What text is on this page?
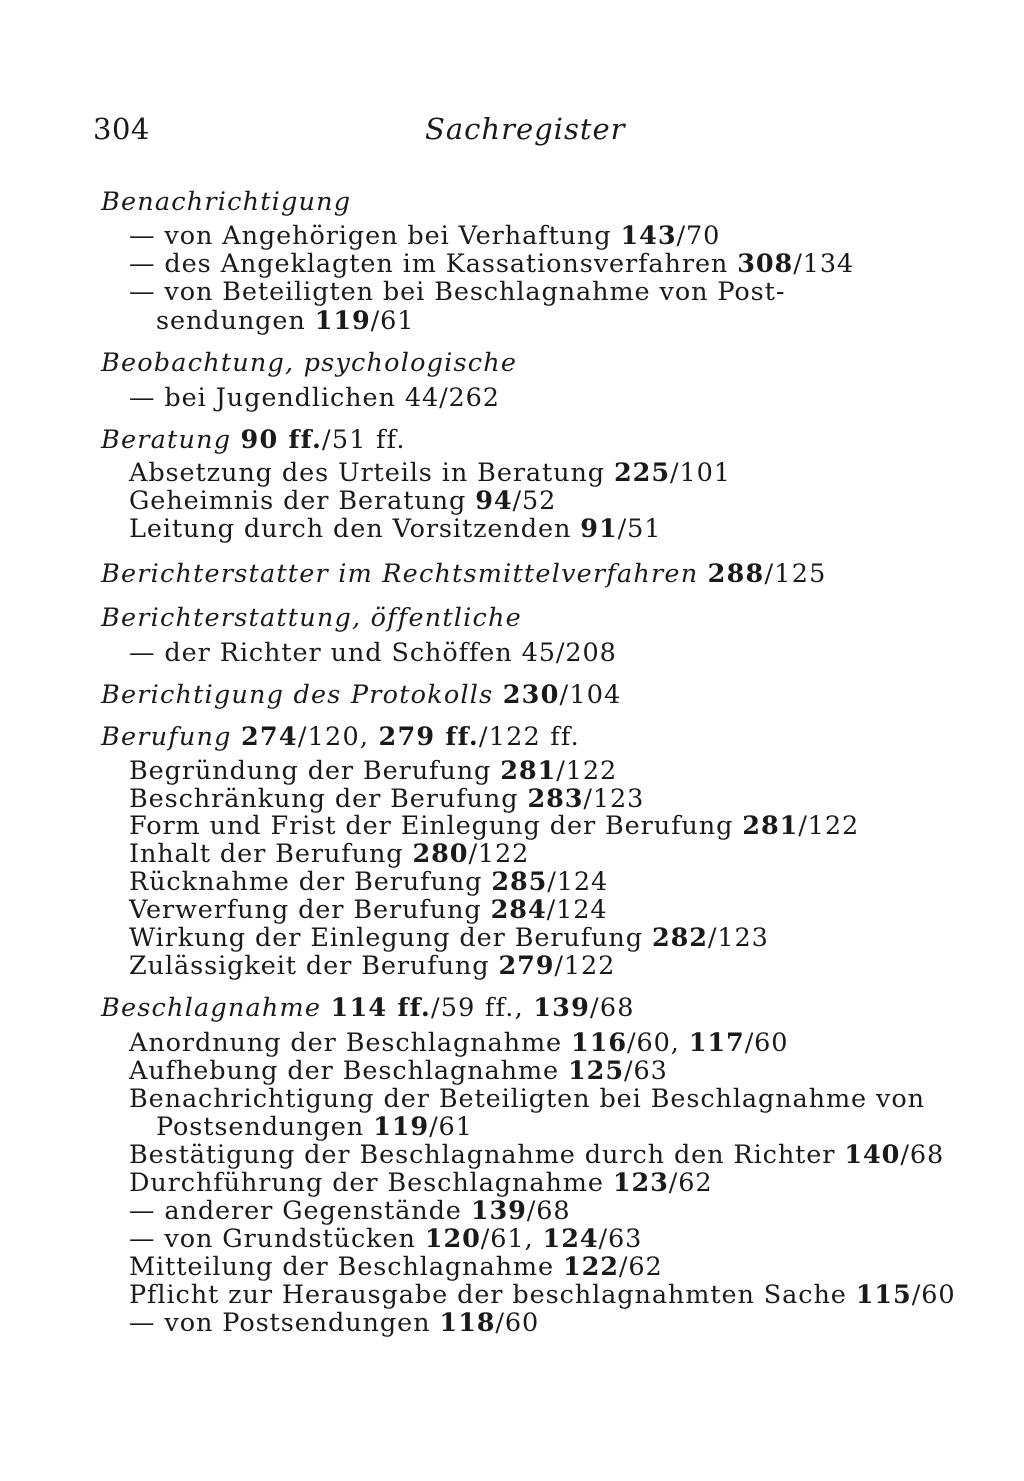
304	Sachregister
Benachrichtigung
— von Angehörigen bei Verhaftung 143/70
— des Angeklagten im Kassationsverfahren 308/134
— von Beteiligten bei Beschlagnahme von Post-
sendungen 119/61
Beobachtung, psychologische
— bei Jugendlichen 44/262
Beratung 90 ff./51 ff.
Absetzung des Urteils in Beratung 225/101
Geheimnis der Beratung 94/52
Leitung durch den Vorsitzenden 91/51
Berichterstatter im Rechtsmittelverfahren 288/125
Berichterstattung, öffentliche
— der Richter und Schöffen 45/208
Berichtigung des Protokolls 230/104
Berufung 274/120, 279 ff./122 ff.
Begründung der Berufung 281/122
Beschränkung der Berufung 283/123
Form und Frist der Einlegung der Berufung 281/122
Inhalt der Berufung 280/122
Rücknahme der Berufung 285/124
Verwerfung der Berufung 284/124
Wirkung der Einlegung der Berufung 282/123
Zulässigkeit der Berufung 279/122
Beschlagnahme 114 ff./59 ff., 139/68
Anordnung der Beschlagnahme 116/60, 117/60
Aufhebung der Beschlagnahme 125/63
Benachrichtigung der Beteiligten bei Beschlagnahme von
Postsendungen 119/61
Bestätigung der Beschlagnahme durch den Richter 140/68
Durchführung der Beschlagnahme 123/62
— anderer Gegenstände 139/68
— von Grundstücken 120/61, 124/63
Mitteilung der Beschlagnahme 122/62
Pflicht zur Herausgabe der beschlagnahmten Sache 115/60
— von Postsendungen 118/60
